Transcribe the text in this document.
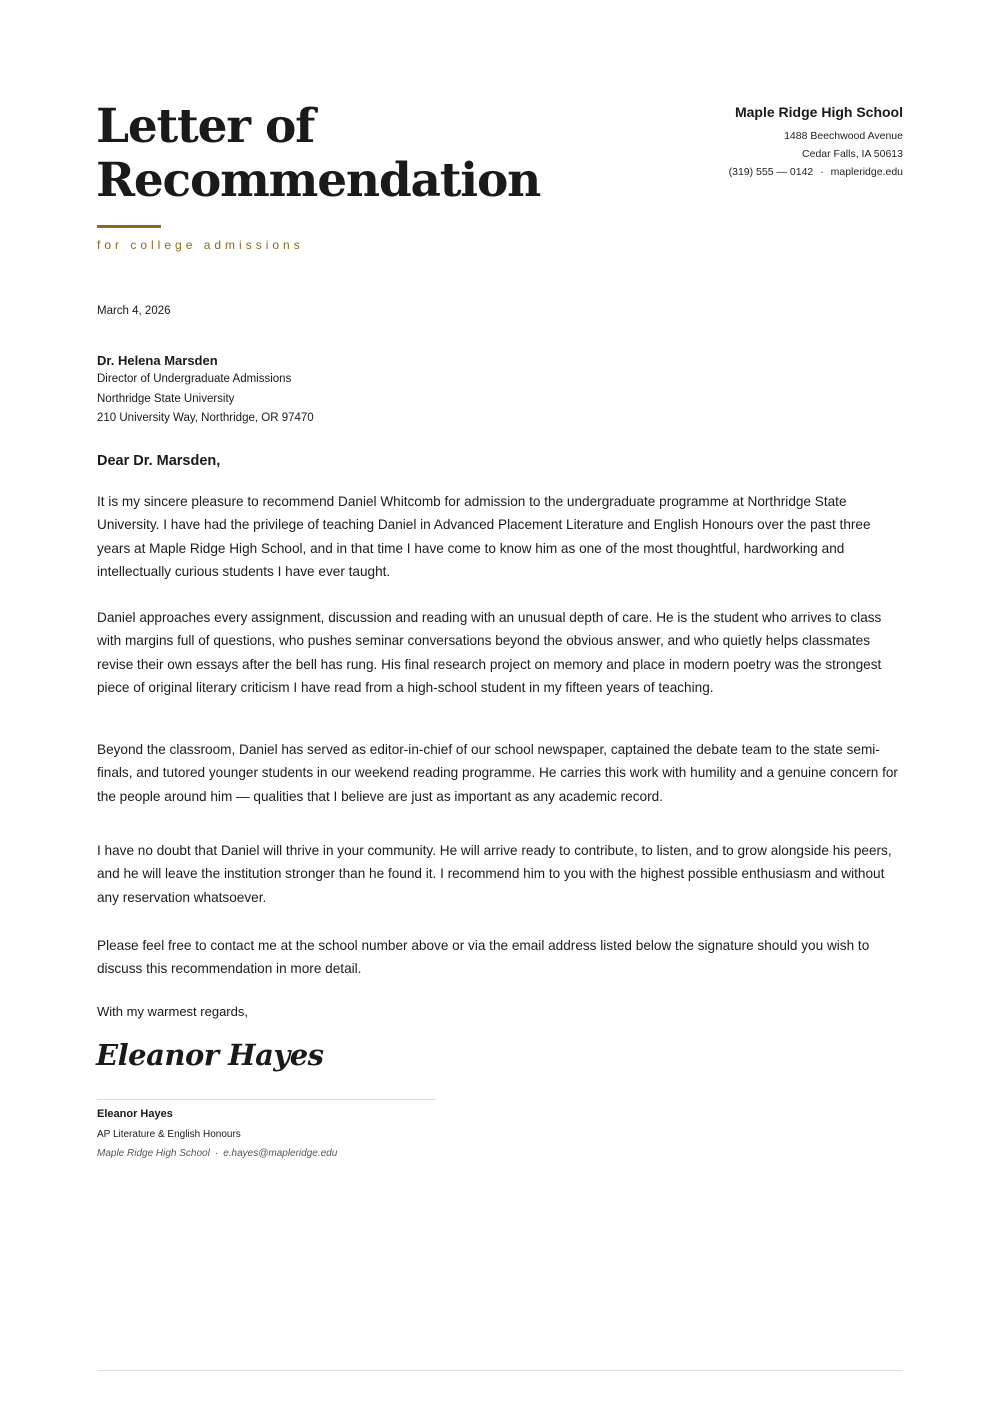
Letter of
Recommendation
for college admissions
Maple Ridge High School
1488 Beechwood Avenue
Cedar Falls, IA 50613
(319) 555 — 0142 · mapleridge.edu
March 4, 2026
Dr. Helena Marsden
Director of Undergraduate Admissions
Northridge State University
210 University Way, Northridge, OR 97470
Dear Dr. Marsden,

It is my sincere pleasure to recommend Daniel Whitcomb for admission to the undergraduate programme at Northridge State University. I have had the privilege of teaching Daniel in Advanced Placement Literature and English Honours over the past three years at Maple Ridge High School, and in that time I have come to know him as one of the most thoughtful, hardworking and intellectually curious students I have ever taught.

Daniel approaches every assignment, discussion and reading with an unusual depth of care. He is the student who arrives to class with margins full of questions, who pushes seminar conversations beyond the obvious answer, and who quietly helps classmates revise their own essays after the bell has rung. His final research project on memory and place in modern poetry was the strongest piece of original literary criticism I have read from a high-school student in my fifteen years of teaching.

Beyond the classroom, Daniel has served as editor-in-chief of our school newspaper, captained the debate team to the state semi-finals, and tutored younger students in our weekend reading programme. He carries this work with humility and a genuine concern for the people around him — qualities that I believe are just as important as any academic record.

I have no doubt that Daniel will thrive in your community. He will arrive ready to contribute, to listen, and to grow alongside his peers, and he will leave the institution stronger than he found it. I recommend him to you with the highest possible enthusiasm and without any reservation whatsoever.

Please feel free to contact me at the school number above or via the email address listed below the signature should you wish to discuss this recommendation in more detail.

With my warmest regards,
Eleanor Hayes
Eleanor Hayes
AP Literature & English Honours
Maple Ridge High School · e.hayes@mapleridge.edu
